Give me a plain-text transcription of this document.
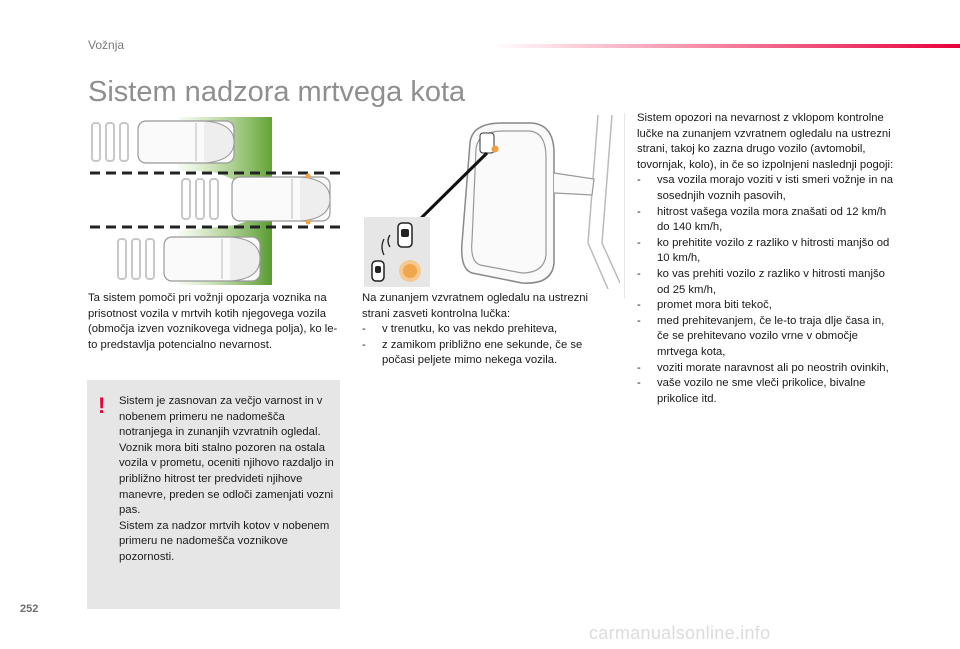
Vožnja
Sistem nadzora mrtvega kota

Ta sistem pomoči pri vožnji opozarja voznika na prisotnost vozila v mrtvih kotih njegovega vozila (območja izven voznikovega vidnega polja), ko le-to predstavlja potencialno nevarnost.

! Sistem je zasnovan za večjo varnost in v nobenem primeru ne nadomešča notranjega in zunanjih vzvratnih ogledal. Voznik mora biti stalno pozoren na ostala vozila v prometu, oceniti njihovo razdaljo in približno hitrost ter predvideti njihove manevre, preden se odloči zamenjati vozni pas.

Sistem za nadzor mrtvih kotov v nobenem primeru ne nadomešča voznikove pozornosti.

Na zunanjem vzvratnem ogledalu na ustrezni strani zasveti kontrolna lučka:

- v trenutku, ko vas nekdo prehiteva,
- z zamikom približno ene sekunde, če se počasi peljete mimo nekega vozila.

Sistem opozori na nevarnost z vklopom kontrolne lučke na zunanjem vzvratnem ogledalu na ustrezni strani, takoj ko zazna drugo vozilo (avtomobil, tovornjak, kolo), in če so izpolnjeni naslednji pogoji:

- vsa vozila morajo voziti v isti smeri vožnje in na sosednjih voznih pasovih,
- hitrost vašega vozila mora znašati od 12 km/h do 140 km/h,
- ko prehitite vozilo z razliko v hitrosti manjšo od 10 km/h,
- ko vas prehiti vozilo z razliko v hitrosti manjšo od 25 km/h,
- promet mora biti tekoč,
- med prehitevanjem, če le-to traja dlje časa in, če se prehitevano vozilo vrne v območje mrtvega kota,
- voziti morate naravnost ali po neostrih ovinkih,
- vaše vozilo ne sme vleči prikolice, bivalne prikolice itd.
252
carmanualsonline.info
